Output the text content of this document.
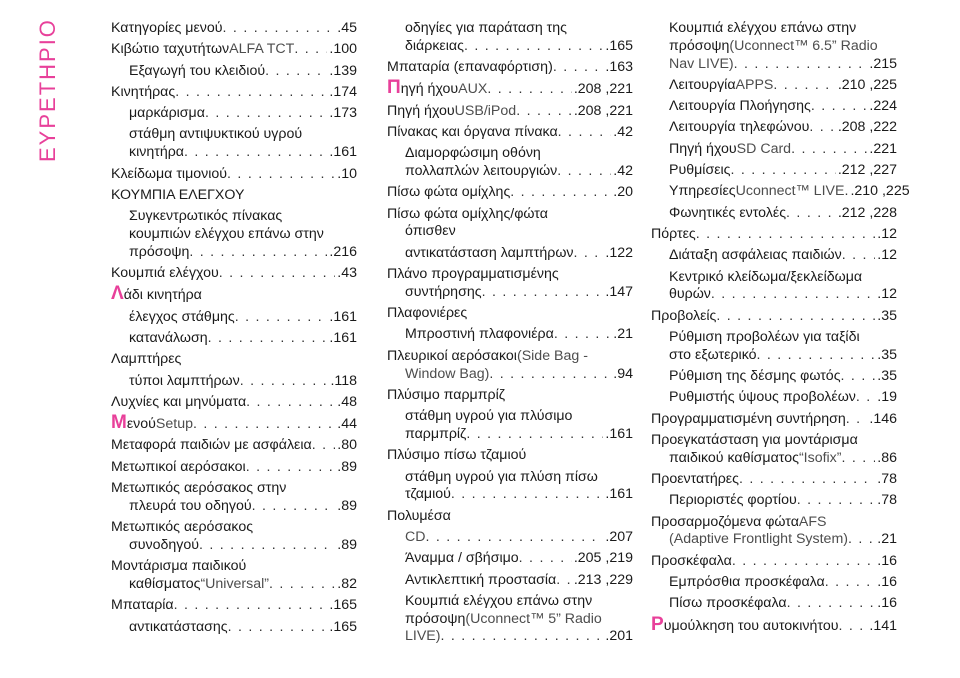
ΕΥΡΕΤΗΡΙΟ	Κατηγορίες μενού . . .	.45
Κιβώτιο ταχυτήτων ALFA TCT . . . .100
Εξαγωγή του κλειδιού . . .	.139
Κινητήρας . . .	.174
μαρκάρισμα . . .	.173
στάθμη αντιψυκτικού υγρού
κινητήρα . . .	.161
Κλείδωμα τιμονιού . . .	.10
ΚΟΥΜΠΙΑ ΕΛΕΓΧΟΥ
Συγκεντρωτικός πίνακας
κουμπιών ελέγχου επάνω στην
πρόσοψη . . .	.216
Κουμπιά ελέγχου . . .	.43
Λ άδι κινητήρα
έλεγχος στάθμης . . .	.161
κατανάλωση . . .	.161
Λαμπτήρες
τύποι λαμπτήρων . . .	.118
Λυχνίες και μηνύματα . . .	.48
Μ ενού Setup . . .	.44
Μεταφορά παιδιών με ασφάλεια . . . .80
Μετωπικοί αερόσακοι . . .	.89
Μετωπικός αερόσακος στην
πλευρά του οδηγού . . .	.89
Μετωπικός αερόσακος
συνοδηγού . . .	.89
Μοντάρισμα παιδικού
καθίσματος “Universal” . . .	.82
Μπαταρία . . .	.165
αντικατάστασης . . .	.165
οδηγίες για παράταση της
διάρκειας . . .	.165
Μπαταρία (επαναφόρτιση) . . .	.163
Π ηγή ήχου AUX . . .	.208 ,221
Πηγή ήχου USB/iPod . . .	.208 ,221
Πίνακας και όργανα πίνακα . . .	.42
Διαμορφώσιμη οθόνη
πολλαπλών λειτουργιών . . .	.42
Πίσω φώτα ομίχλης . . .	.20
Πίσω φώτα ομίχλης/φώτα
όπισθεν
αντικατάσταση λαμπτήρων . . . .122
Πλάνο προγραμματισμένης
συντήρησης . . .	.147
Πλαφονιέρες
Μπροστινή πλαφονιέρα . . .	.21
Πλευρικοί αερόσακοι (Side Bag -
Window Bag) . . .	.94
Πλύσιμο παρμπρίζ
στάθμη υγρού για πλύσιμο
παρμπρίζ . . .	.161
Πλύσιμο πίσω τζαμιού
στάθμη υγρού για πλύση πίσω
τζαμιού . . .	.161
Πολυμέσα
CD . . .	.207
Άναμμα / σβήσιμο . . .	.205 ,219
Αντικλεπτική προστασία . . . .213 ,229
Κουμπιά ελέγχου επάνω στην
πρόσοψη (Uconnect™ 5” Radio
LIVE) . . .	.201
Κουμπιά ελέγχου επάνω στην
πρόσοψη (Uconnect™ 6.5” Radio
Nav LIVE) . . .	.215
Λειτουργία APPS . . .	.210 ,225
Λειτουργία Πλοήγησης . . .	.224
Λειτουργία τηλεφώνου . . . .208 ,222
Πηγή ήχου SD Card . . .	.221
Ρυθμίσεις . . .	.212 ,227
Υπηρεσίες Uconnect™ LIVE . . . .210 ,225
Φωνητικές εντολές . . .	.212 ,228
Πόρτες . . .	.12
Διάταξη ασφάλειας παιδιών . . .	.12
Κεντρικό κλείδωμα/ξεκλείδωμα
θυρών . . .	.12
Προβολείς . . .	.35
Ρύθμιση προβολέων για ταξίδι
στο εξωτερικό . . .	.35
Ρύθμιση της δέσμης φωτός . . .	.35
Ρυθμιστής ύψους προβολέων . . . .19
Προγραμματισμένη συντήρηση . . . .146
Προεγκατάσταση για μοντάρισμα
παιδικού καθίσματος “Isofix” . . .	.86
Προεντατήρες . . .	.78
Περιοριστές φορτίου . . .	.78
Προσαρμοζόμενα φώτα AFS
(Adaptive Frontlight System) . . . .21
Προσκέφαλα . . .	.16
Εμπρόσθια προσκέφαλα . . .	.16
Πίσω προσκέφαλα . . .	.16
Ρ υμούλκηση του αυτοκινήτου . . . .141
